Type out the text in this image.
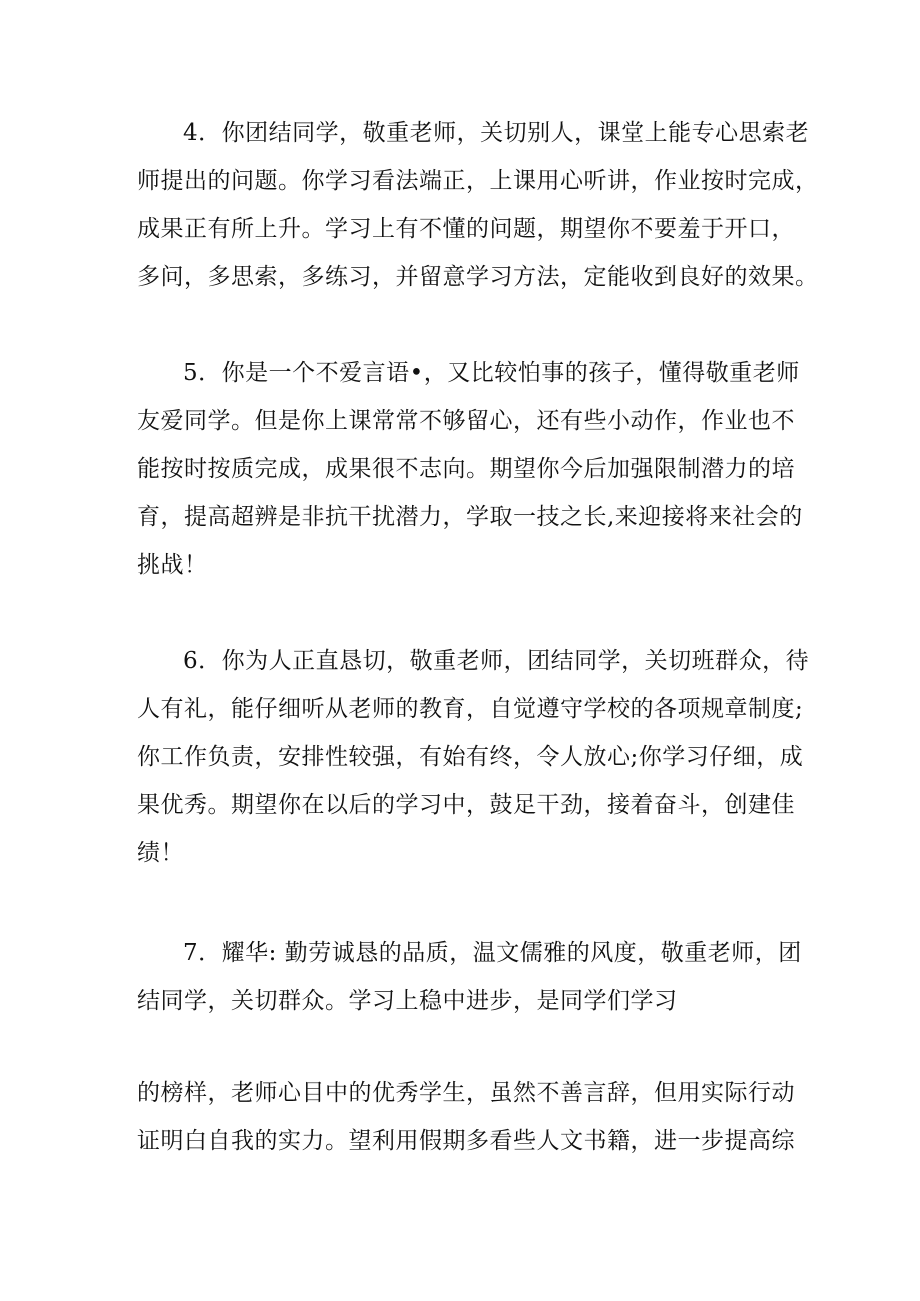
4．你团结同学，敬重老师，关切别人，课堂上能专心思索老
师提出的问题。你学习看法端正，上课用心听讲，作业按时完成，
成果正有所上升。学习上有不懂的问题，期望你不要羞于开口，
多问，多思索，多练习，并留意学习方法，定能收到良好的效果。
5．你是一个不爱言语•，又比较怕事的孩子，懂得敬重老师
友爱同学。但是你上课常常不够留心，还有些小动作，作业也不
能按时按质完成，成果很不志向。期望你今后加强限制潜力的培
育，提高超辨是非抗干扰潜力，学取一技之长,来迎接将来社会的
挑战！
6．你为人正直恳切，敬重老师，团结同学，关切班群众，待
人有礼，能仔细听从老师的教育，自觉遵守学校的各项规章制度;
你工作负责，安排性较强，有始有终，令人放心;你学习仔细，成
果优秀。期望你在以后的学习中，鼓足干劲，接着奋斗，创建佳
绩！
7．耀华: 勤劳诚恳的品质，温文儒雅的风度，敬重老师，团
结同学，关切群众。学习上稳中进步，是同学们学习
的榜样，老师心目中的优秀学生，虽然不善言辞，但用实际行动
证明白自我的实力。望利用假期多看些人文书籍，进一步提高综
